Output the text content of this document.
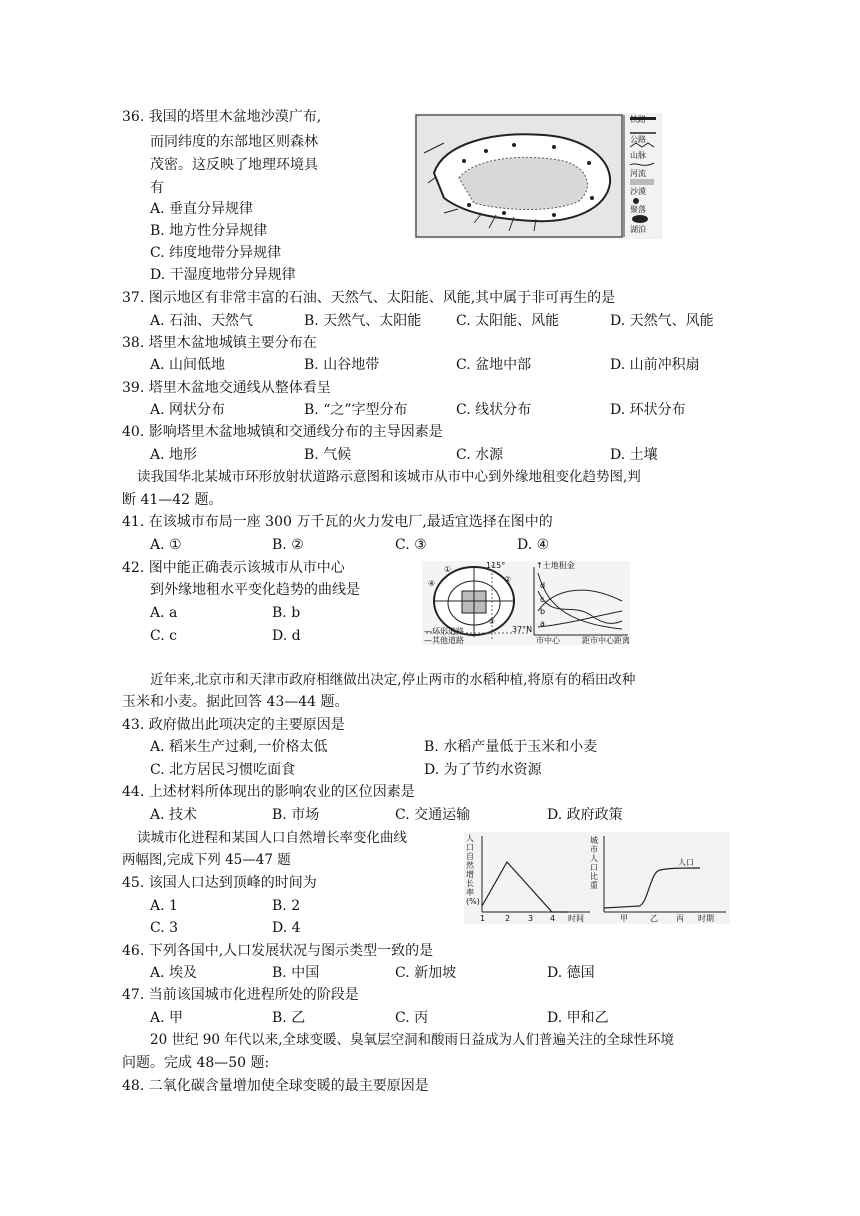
36. 我国的塔里木盆地沙漠广布,
而同纬度的东部地区则森林
茂密。这反映了地理环境具
有
A. 垂直分异规律
B. 地方性分异规律
C. 纬度地带分异规律
D. 干湿度地带分异规律
铁路
公路
山脉
河流
沙漠
聚落
湖泊
37. 图示地区有非常丰富的石油、天然气、太阳能、风能,其中属于非可再生的是
A. 石油、天然气	B. 天然气、太阳能 C. 太阳能、风能	D. 天然气、风能
38. 塔里木盆地城镇主要分布在
A. 山间低地	B. 山谷地带	C. 盆地中部	D. 山前冲积扇
39. 塔里木盆地交通线从整体看呈
A. 网状分布	B. “之”字型分布	C. 线状分布	D. 环状分布
40. 影响塔里木盆地城镇和交通线分布的主导因素是
A. 地形	B. 气候	C. 水源	D. 土壤
读我国华北某城市环形放射状道路示意图和该城市从市中心到外缘地租变化趋势图,判
断 41—42 题。
41. 在该城市布局一座 300 万千瓦的火力发电厂,最适宜选择在图中的
A. ①	B. ②	C. ③	D. ④
42. 图中能正确表示该城市从市中心
到外缘地租水平变化趋势的曲线是
A. a	B. b
C. c	D. d
115°
37°N
—环形道路
—其他道路
④
①
②
③
↑土地租金
市中心	距市中心距离
d
c
b
a
近年来,北京市和天津市政府相继做出决定,停止两市的水稻种植,将原有的稻田改种
玉米和小麦。据此回答 43—44 题。
43. 政府做出此项决定的主要原因是
A. 稻米生产过剩,一价格太低	B. 水稻产量低于玉米和小麦
C. 北方居民习惯吃面食	D. 为了节约水资源
44. 上述材料所体现出的影响农业的区位因素是
A. 技术	B. 市场	C. 交通运输	D. 政府政策
读城市化进程和某国人口自然增长率变化曲线
两幅图,完成下列 45—47 题
45. 该国人口达到顶峰的时间为
A. 1	B. 2
C. 3	D. 4
人口自然增长率(%)
1 2 3 4 时间
城市人口比重
人口
甲	乙 丙 时期
46. 下列各国中,人口发展状况与图示类型一致的是
A. 埃及	B. 中国	C. 新加坡	D. 德国
47. 当前该国城市化进程所处的阶段是
A. 甲	B. 乙	C. 丙	D. 甲和乙
20 世纪 90 年代以来,全球变暖、臭氧层空洞和酸雨日益成为人们普遍关注的全球性环境
问题。完成 48—50 题:
48. 二氧化碳含量增加使全球变暖的最主要原因是
